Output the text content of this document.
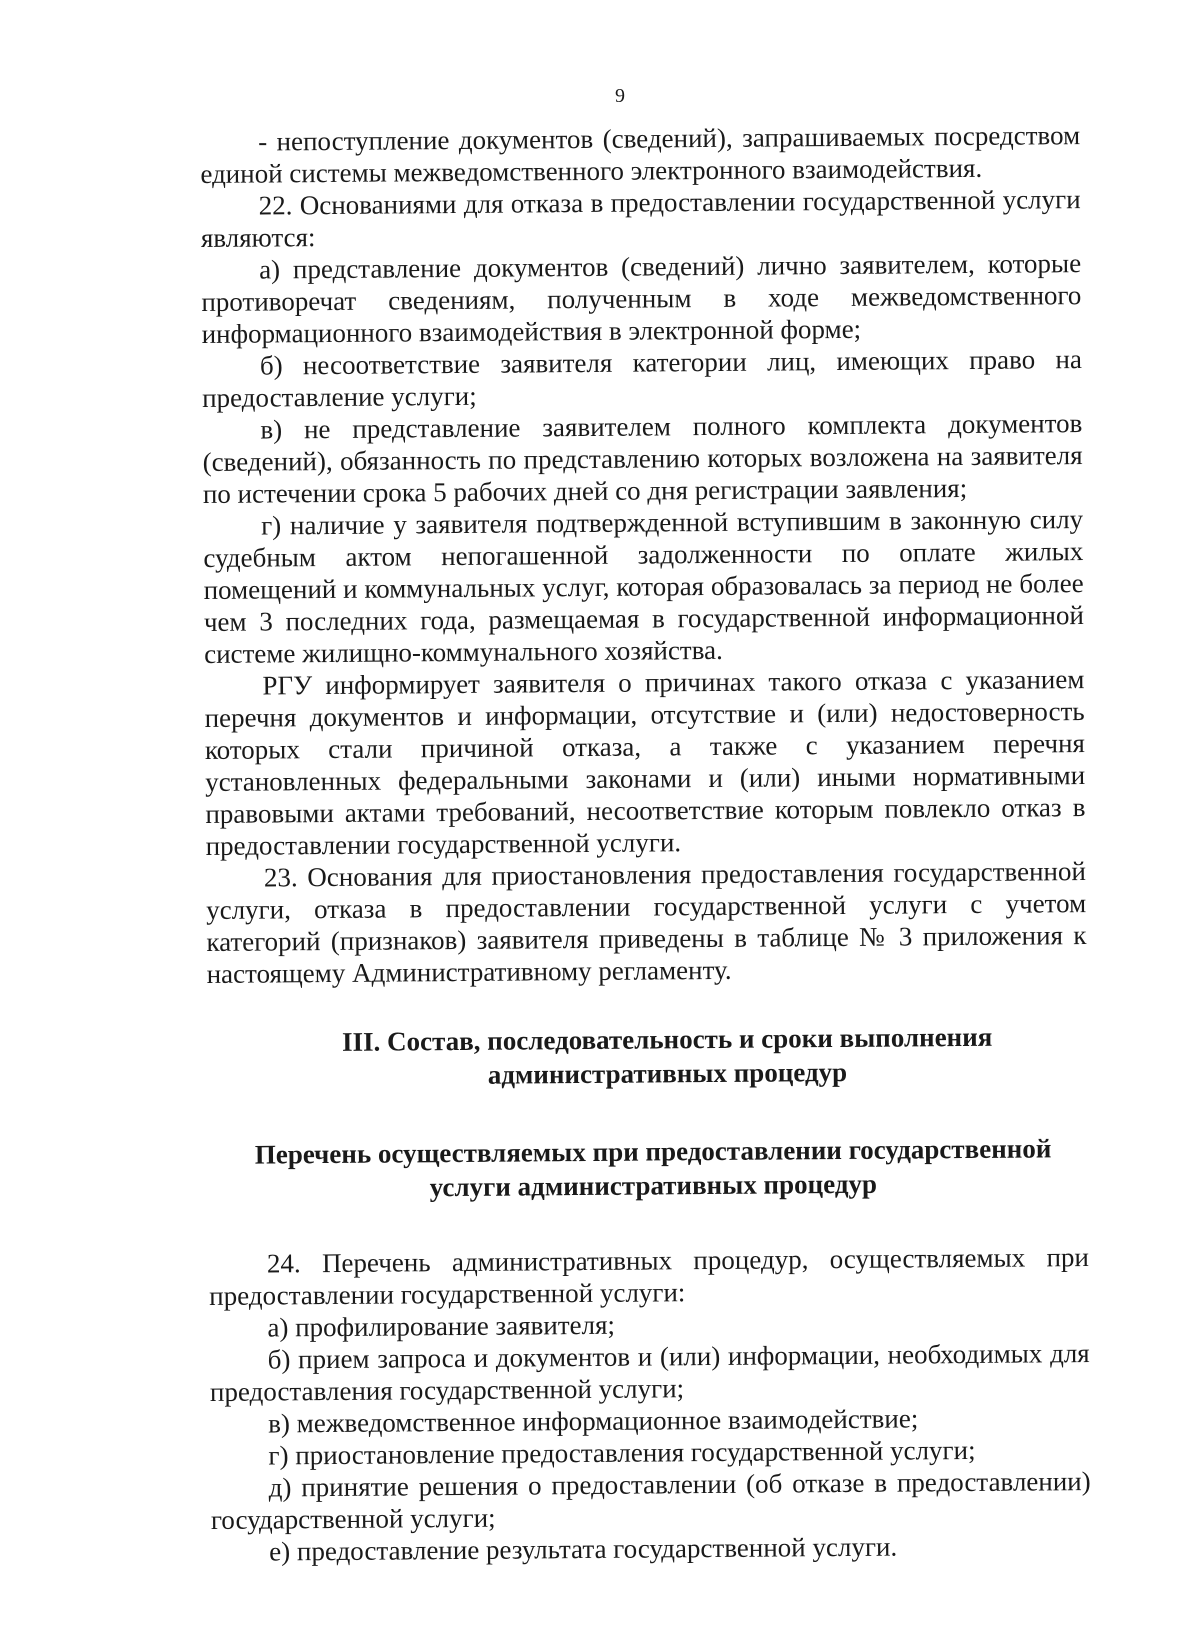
9

- непоступление документов (сведений), запрашиваемых посредством единой системы межведомственного электронного взаимодействия.

22. Основаниями для отказа в предоставлении государственной услуги являются:

а) представление документов (сведений) лично заявителем, которые противоречат сведениям, полученным в ходе межведомственного информационного взаимодействия в электронной форме;

б) несоответствие заявителя категории лиц, имеющих право на предоставление услуги;

в) не представление заявителем полного комплекта документов (сведений), обязанность по представлению которых возложена на заявителя по истечении срока 5 рабочих дней со дня регистрации заявления;

г) наличие у заявителя подтвержденной вступившим в законную силу судебным актом непогашенной задолженности по оплате жилых помещений и коммунальных услуг, которая образовалась за период не более чем 3 последних года, размещаемая в государственной информационной системе жилищно-коммунального хозяйства.

РГУ информирует заявителя о причинах такого отказа с указанием перечня документов и информации, отсутствие и (или) недостоверность которых стали причиной отказа, а также с указанием перечня установленных федеральными законами и (или) иными нормативными правовыми актами требований, несоответствие которым повлекло отказ в предоставлении государственной услуги.

23. Основания для приостановления предоставления государственной услуги, отказа в предоставлении государственной услуги с учетом категорий (признаков) заявителя приведены в таблице № 3 приложения к настоящему Административному регламенту.

III. Состав, последовательность и сроки выполнения
административных процедур
Перечень осуществляемых при предоставлении государственной
услуги административных процедур

24. Перечень административных процедур, осуществляемых при предоставлении государственной услуги:

а) профилирование заявителя;

б) прием запроса и документов и (или) информации, необходимых для предоставления государственной услуги;

в) межведомственное информационное взаимодействие;

г) приостановление предоставления государственной услуги;

д) принятие решения о предоставлении (об отказе в предоставлении) государственной услуги;

е) предоставление результата государственной услуги.
